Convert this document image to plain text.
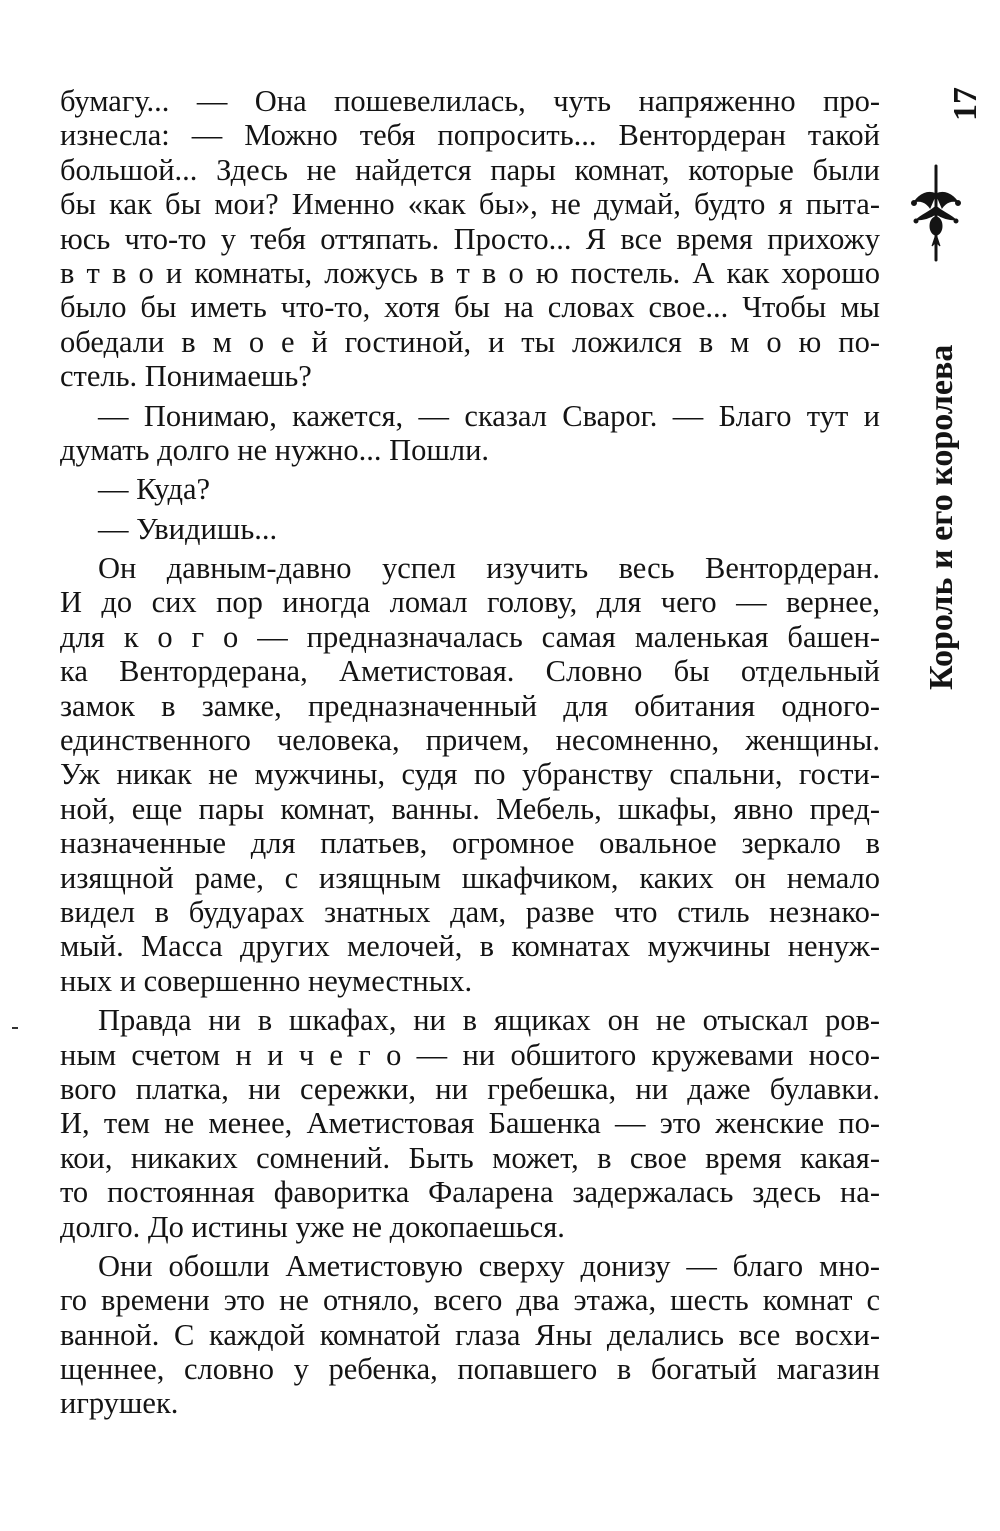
бумагу... — Она пошевелилась, чуть напряженно про-
изнесла: — Можно тебя попросить... Вентордеран такой
большой... Здесь не найдется пары комнат, которые были
бы как бы мои? Именно «как бы», не думай, будто я пыта-
юсь что-то у тебя оттяпать. Просто... Я все время прихожу
в т в о и комнаты, ложусь в т в о ю постель. А как хорошо
было бы иметь что-то, хотя бы на словах свое... Чтобы мы
обедали в м о е й гостиной, и ты ложился в м о ю по-
стель. Понимаешь?
— Понимаю, кажется, — сказал Сварог. — Благо тут и
думать долго не нужно... Пошли.
— Куда?
— Увидишь...
Он давным-давно успел изучить весь Вентордеран.
И до сих пор иногда ломал голову, для чего — вернее,
для к о г о — предназначалась самая маленькая башен-
ка Вентордерана, Аметистовая. Словно бы отдельный
замок в замке, предназначенный для обитания одного-
единственного человека, причем, несомненно, женщины.
Уж никак не мужчины, судя по убранству спальни, гости-
ной, еще пары комнат, ванны. Мебель, шкафы, явно пред-
назначенные для платьев, огромное овальное зеркало в
изящной раме, с изящным шкафчиком, каких он немало
видел в будуарах знатных дам, разве что стиль незнако-
мый. Масса других мелочей, в комнатах мужчины ненуж-
ных и совершенно неуместных.
Правда ни в шкафах, ни в ящиках он не отыскал ров-
ным счетом н и ч е г о — ни обшитого кружевами носо-
вого платка, ни сережки, ни гребешка, ни даже булавки.
И, тем не менее, Аметистовая Башенка — это женские по-
кои, никаких сомнений. Быть может, в свое время какая-
то постоянная фаворитка Фаларена задержалась здесь на-
долго. До истины уже не докопаешься.
Они обошли Аметистовую сверху донизу — благо мно-
го времени это не отняло, всего два этажа, шесть комнат с
ванной. С каждой комнатой глаза Яны делались все восхи-
щеннее, словно у ребенка, попавшего в богатый магазин
игрушек.
17
Король и его королева
